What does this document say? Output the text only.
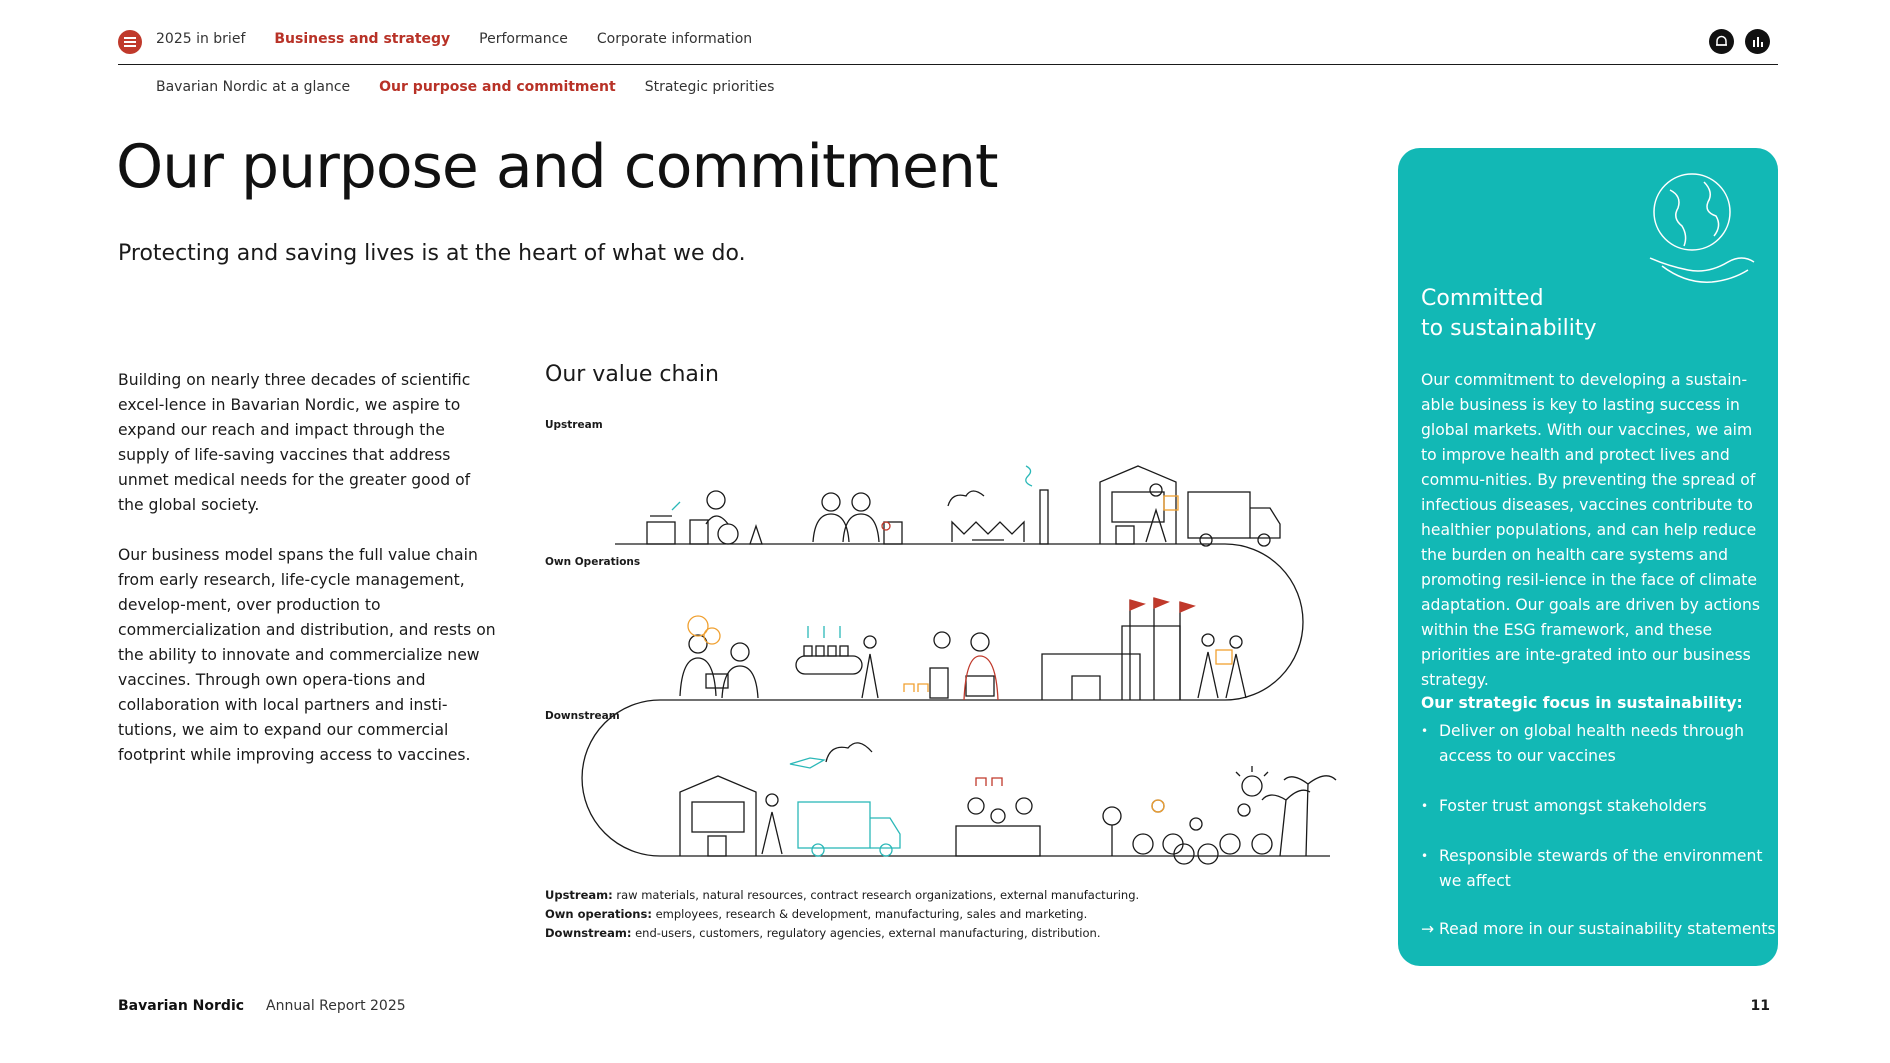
2025 in brief Business and strategy Performance Corporate information
Bavarian Nordic at a glance Our purpose and commitment Strategic priorities
Our purpose and commitment
Protecting and saving lives is at the heart of what we do.

Building on nearly three decades of scientific excel-lence in Bavarian Nordic, we aspire to expand our reach and impact through the supply of life-saving vaccines that address unmet medical needs for the greater good of the global society.

Our business model spans the full value chain from early research, life-cycle management, develop-ment, over production to commercialization and distribution, and rests on the ability to innovate and commercialize new vaccines. Through own opera-tions and collaboration with local partners and insti-tutions, we aim to expand our commercial footprint while improving access to vaccines.

Our value chain
Upstream
Own Operations
Downstream
Upstream: raw materials, natural resources, contract research organizations, external manufacturing.
Own operations: employees, research & development, manufacturing, sales and marketing.
Downstream: end-users, customers, regulatory agencies, external manufacturing, distribution.
Committed
to sustainability

Our commitment to developing a sustain-able business is key to lasting success in global markets. With our vaccines, we aim to improve health and protect lives and commu-nities. By preventing the spread of infectious diseases, vaccines contribute to healthier populations, and can help reduce the burden on health care systems and promoting resil-ience in the face of climate adaptation. Our goals are driven by actions within the ESG framework, and these priorities are inte-grated into our business strategy.

Our strategic focus in sustainability:
• Deliver on global health needs through access to our vaccines
• Foster trust amongst stakeholders
• Responsible stewards of the environment we affect
→ Read more in our sustainability statements
Bavarian Nordic Annual Report 2025	11
